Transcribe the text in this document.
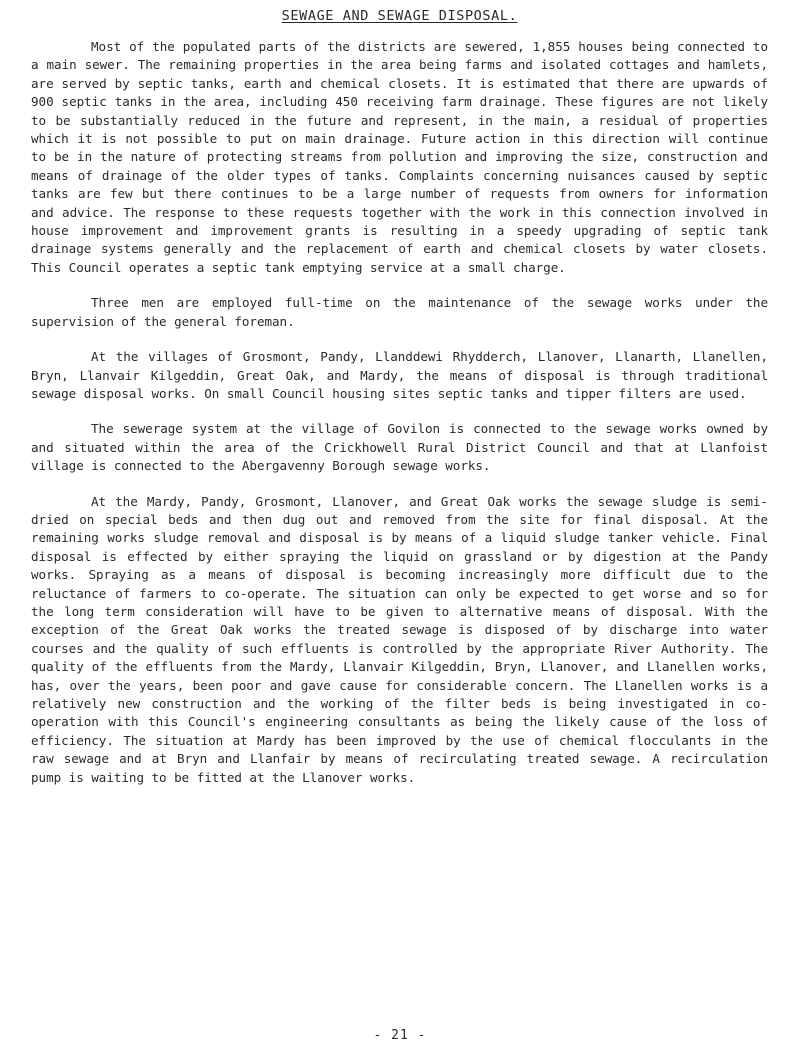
SEWAGE AND SEWAGE DISPOSAL.

Most of the populated parts of the districts are sewered, 1,855 houses being connected to a main sewer. The remaining properties in the area being farms and isolated cottages and hamlets, are served by septic tanks, earth and chemical closets. It is estimated that there are upwards of 900 septic tanks in the area, including 450 receiving farm drainage. These figures are not likely to be substantially reduced in the future and represent, in the main, a residual of properties which it is not possible to put on main drainage. Future action in this direction will continue to be in the nature of protecting streams from pollution and improving the size, construction and means of drainage of the older types of tanks. Complaints concerning nuisances caused by septic tanks are few but there continues to be a large number of requests from owners for information and advice. The response to these requests together with the work in this connection involved in house improvement and improvement grants is resulting in a speedy upgrading of septic tank drainage systems generally and the replacement of earth and chemical closets by water closets. This Council operates a septic tank emptying service at a small charge.

Three men are employed full-time on the maintenance of the sewage works under the supervision of the general foreman.

At the villages of Grosmont, Pandy, Llanddewi Rhydderch, Llanover, Llanarth, Llanellen, Bryn, Llanvair Kilgeddin, Great Oak, and Mardy, the means of disposal is through traditional sewage disposal works. On small Council housing sites septic tanks and tipper filters are used.

The sewerage system at the village of Govilon is connected to the sewage works owned by and situated within the area of the Crickhowell Rural District Council and that at Llanfoist village is connected to the Abergavenny Borough sewage works.

At the Mardy, Pandy, Grosmont, Llanover, and Great Oak works the sewage sludge is semi-dried on special beds and then dug out and removed from the site for final disposal. At the remaining works sludge removal and disposal is by means of a liquid sludge tanker vehicle. Final disposal is effected by either spraying the liquid on grassland or by digestion at the Pandy works. Spraying as a means of disposal is becoming increasingly more difficult due to the reluctance of farmers to co-operate. The situation can only be expected to get worse and so for the long term consideration will have to be given to alternative means of disposal. With the exception of the Great Oak works the treated sewage is disposed of by discharge into water courses and the quality of such effluents is controlled by the appropriate River Authority. The quality of the effluents from the Mardy, Llanvair Kilgeddin, Bryn, Llanover, and Llanellen works, has, over the years, been poor and gave cause for considerable concern. The Llanellen works is a relatively new construction and the working of the filter beds is being investigated in co-operation with this Council's engineering consultants as being the likely cause of the loss of efficiency. The situation at Mardy has been improved by the use of chemical flocculants in the raw sewage and at Bryn and Llanfair by means of recirculating treated sewage. A recirculation pump is waiting to be fitted at the Llanover works.

- 21 -
